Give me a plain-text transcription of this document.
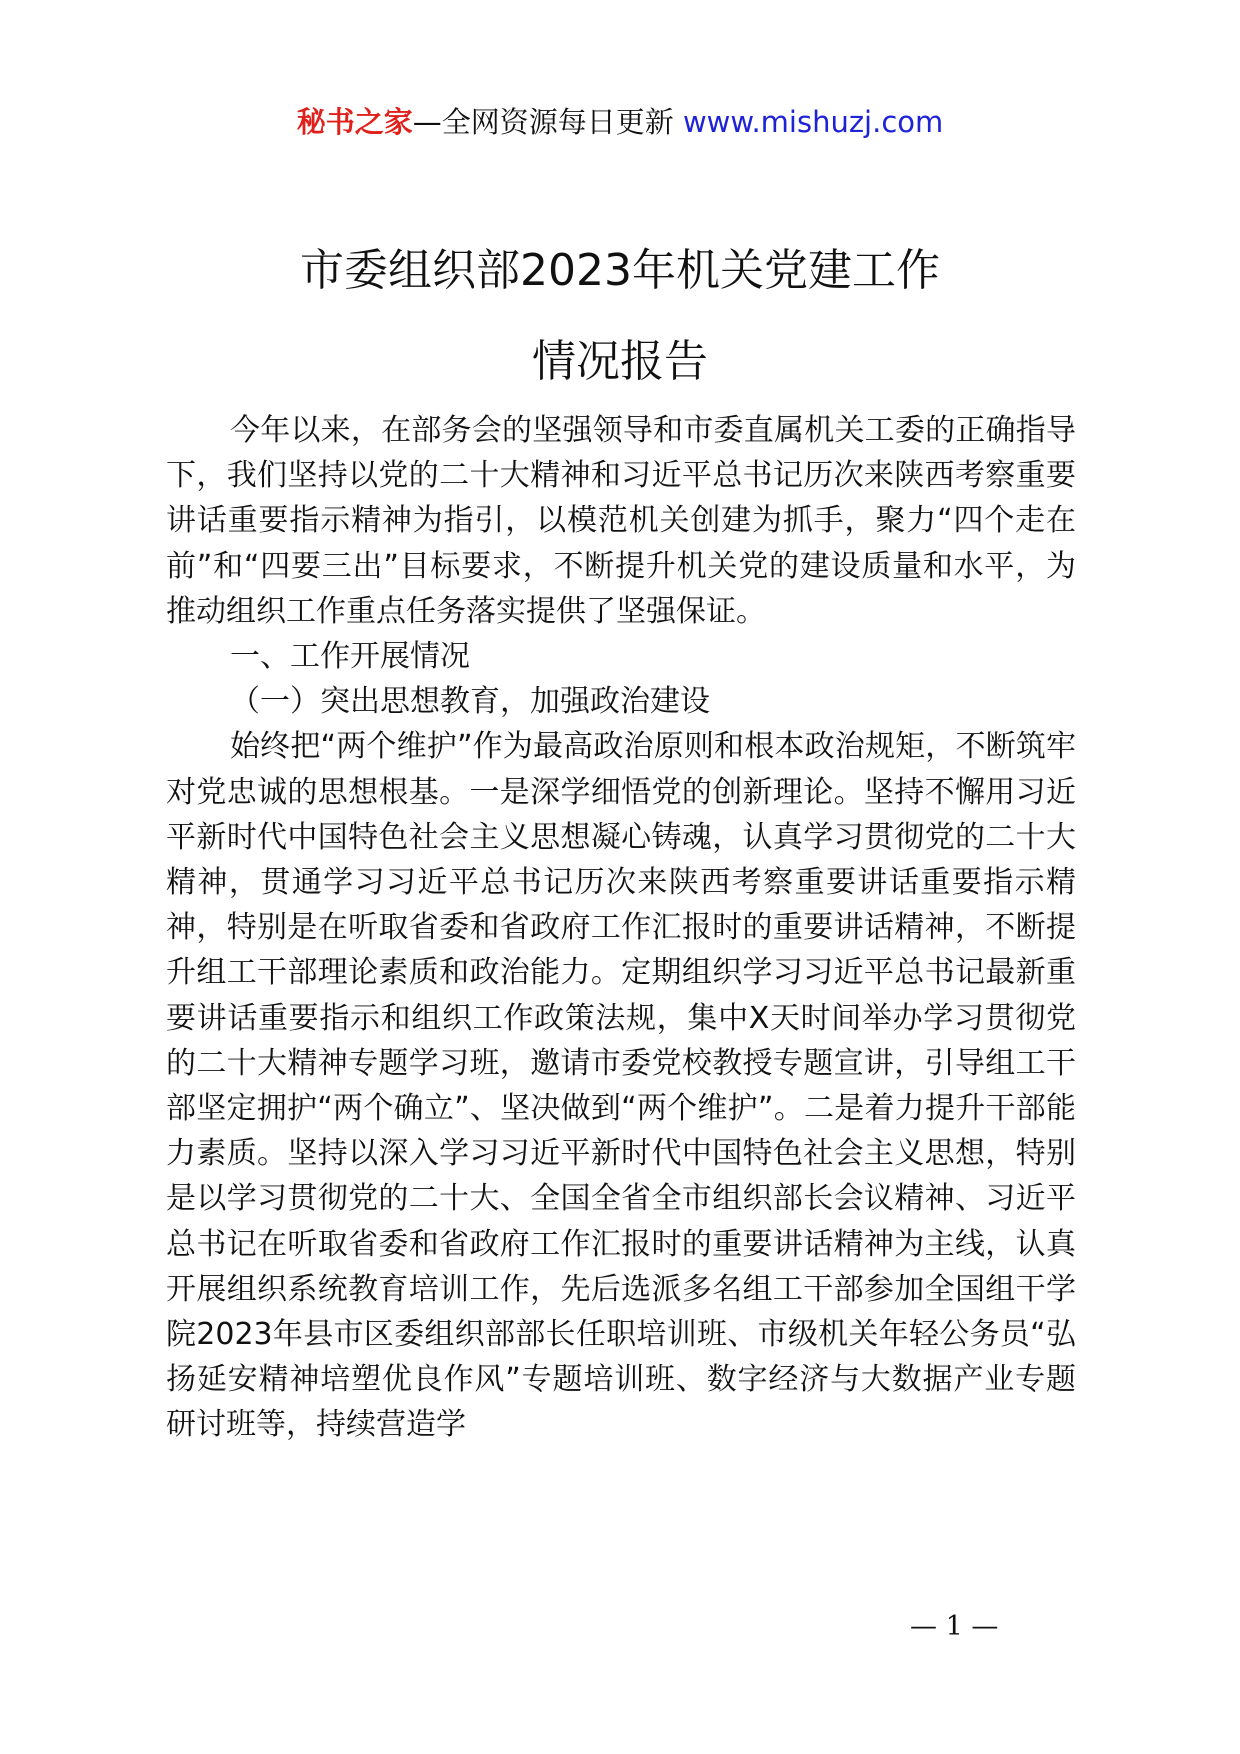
秘书之家—全网资源每日更新 www.mishuzj.com
市委组织部2023年机关党建工作
情况报告

今年以来，在部务会的坚强领导和市委直属机关工委的正确指导下，我们坚持以党的二十大精神和习近平总书记历次来陕西考察重要讲话重要指示精神为指引，以模范机关创建为抓手，聚力“四个走在前”和“四要三出”目标要求，不断提升机关党的建设质量和水平，为推动组织工作重点任务落实提供了坚强保证。

一、工作开展情况

（一）突出思想教育，加强政治建设

始终把“两个维护”作为最高政治原则和根本政治规矩，不断筑牢对党忠诚的思想根基。一是深学细悟党的创新理论。坚持不懈用习近平新时代中国特色社会主义思想凝心铸魂，认真学习贯彻党的二十大精神，贯通学习习近平总书记历次来陕西考察重要讲话重要指示精神，特别是在听取省委和省政府工作汇报时的重要讲话精神，不断提升组工干部理论素质和政治能力。定期组织学习习近平总书记最新重要讲话重要指示和组织工作政策法规，集中X天时间举办学习贯彻党的二十大精神专题学习班，邀请市委党校教授专题宣讲，引导组工干部坚定拥护“两个确立”、坚决做到“两个维护”。二是着力提升干部能力素质。坚持以深入学习习近平新时代中国特色社会主义思想，特别是以学习贯彻党的二十大、全国全省全市组织部长会议精神、习近平总书记在听取省委和省政府工作汇报时的重要讲话精神为主线，认真开展组织系统教育培训工作，先后选派多名组工干部参加全国组干学院2023年县市区委组织部部长任职培训班、市级机关年轻公务员“弘扬延安精神培塑优良作风”专题培训班、数字经济与大数据产业专题研讨班等，持续营造学

— 1 —
